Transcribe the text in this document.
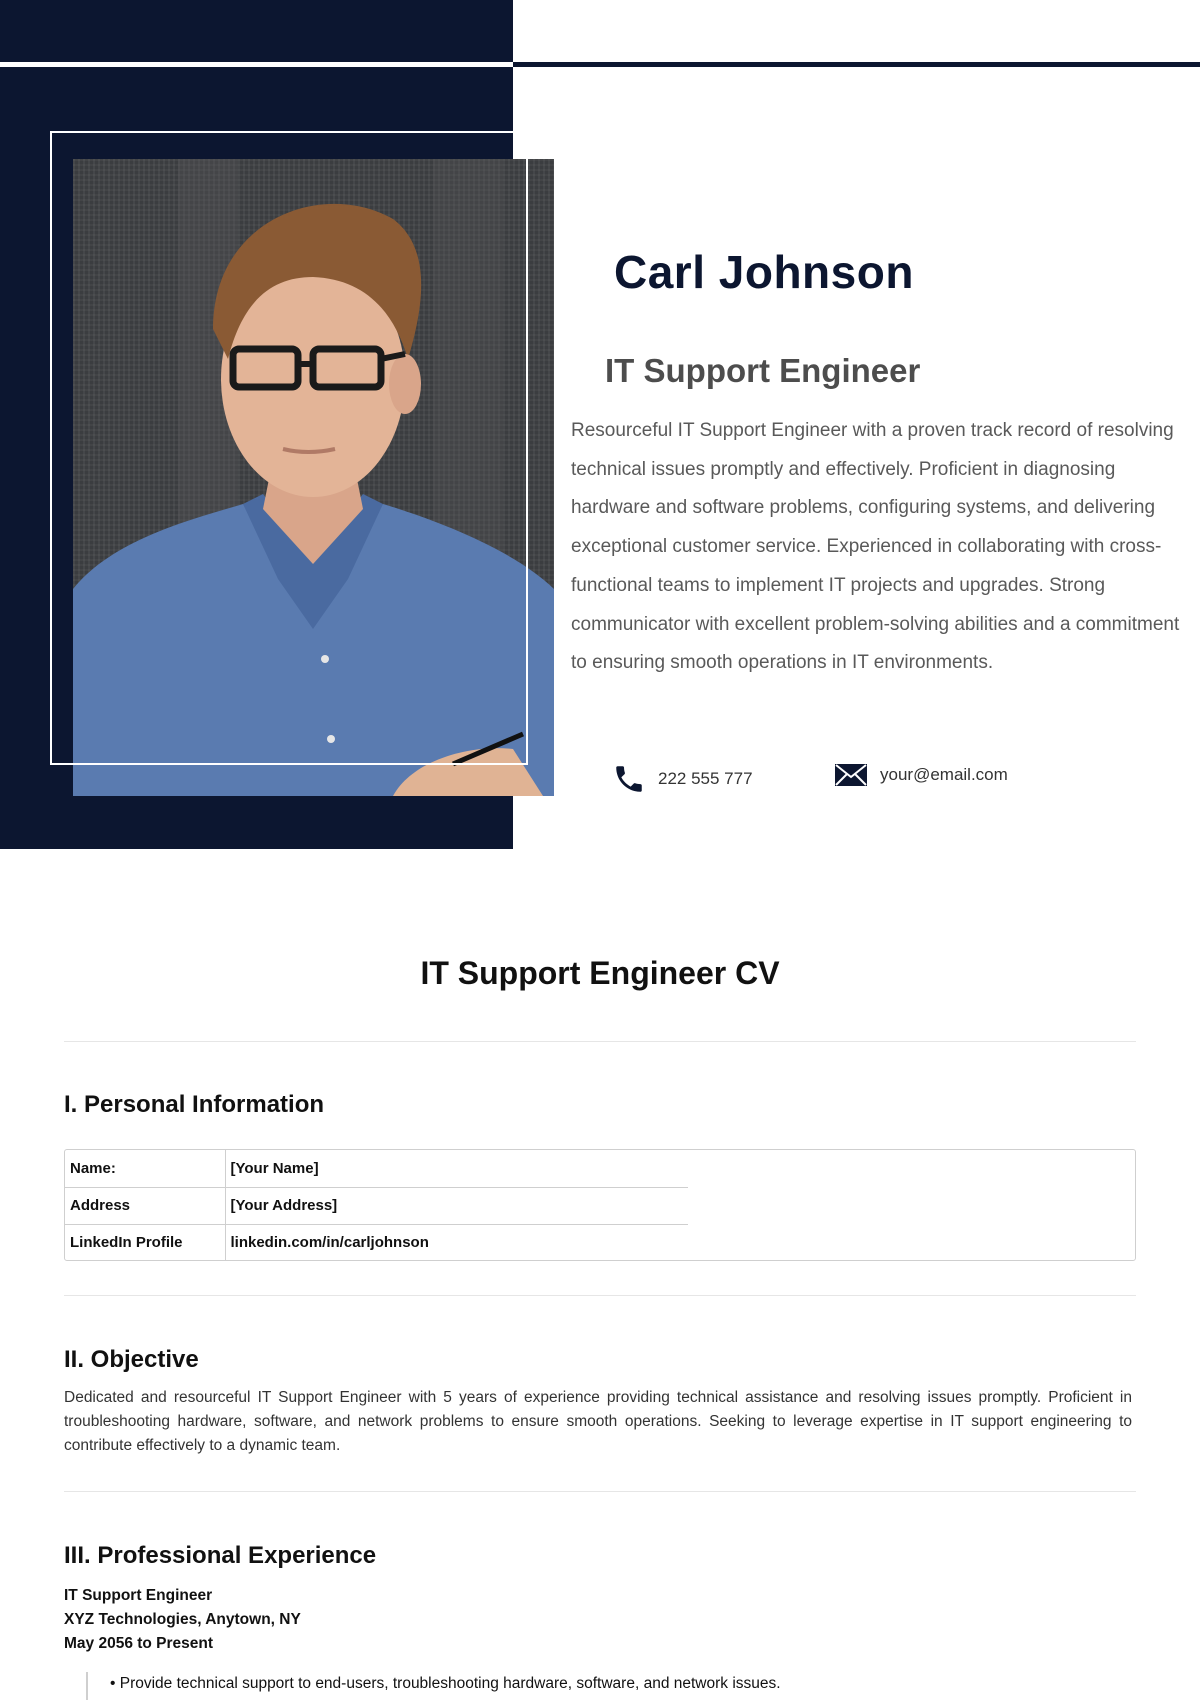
Carl Johnson
IT Support Engineer

Resourceful IT Support Engineer with a proven track record of resolving technical issues promptly and effectively. Proficient in diagnosing hardware and software problems, configuring systems, and delivering exceptional customer service. Experienced in collaborating with cross-functional teams to implement IT projects and upgrades. Strong communicator with excellent problem-solving abilities and a commitment to ensuring smooth operations in IT environments.

222 555 777	your@email.com
IT Support Engineer CV
I. Personal Information
Name:	[Your Name]
Address	[Your Address]
LinkedIn Profile	linkedin.com/in/carljohnson
II. Objective

Dedicated and resourceful IT Support Engineer with 5 years of experience providing technical assistance and resolving issues promptly. Proficient in troubleshooting hardware, software, and network problems to ensure smooth operations. Seeking to leverage expertise in IT support engineering to contribute effectively to a dynamic team.

III. Professional Experience
IT Support Engineer
XYZ Technologies, Anytown, NY
May 2056 to Present
• Provide technical support to end-users, troubleshooting hardware, software, and network issues.
